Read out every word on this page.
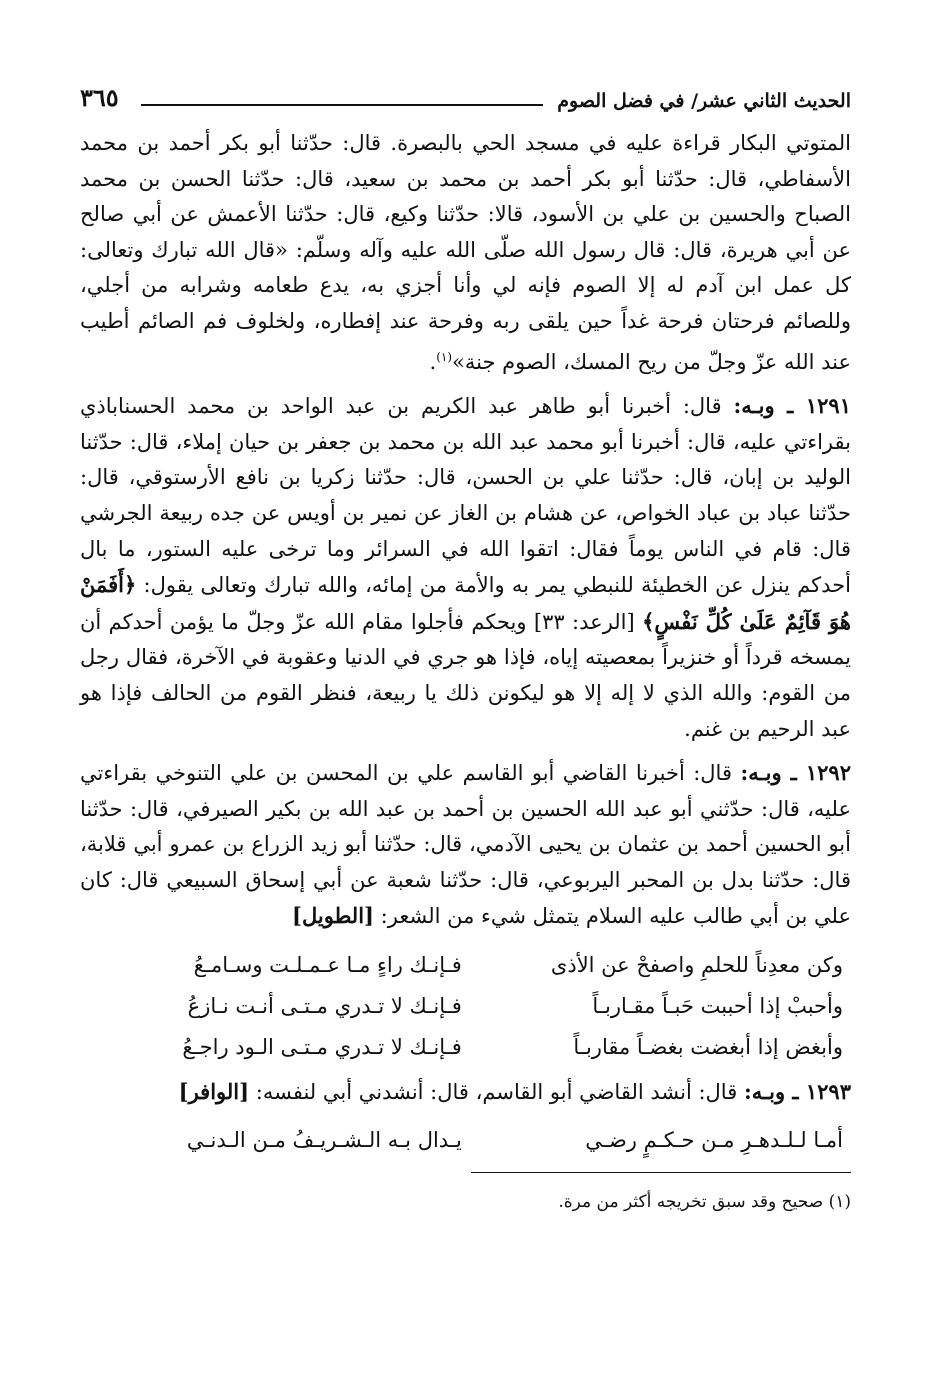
الحديث الثاني عشر/ في فضل الصوم
٣٦٥

المتوتي البكار قراءة عليه في مسجد الحي بالبصرة. قال: حدّثنا أبو بكر أحمد بن محمد الأسفاطي، قال: حدّثنا أبو بكر أحمد بن محمد بن سعيد، قال: حدّثنا الحسن بن محمد الصباح والحسين بن علي بن الأسود، قالا: حدّثنا وكيع، قال: حدّثنا الأعمش عن أبي صالح عن أبي هريرة، قال: قال رسول الله صلّى الله عليه وآله وسلّم: «قال الله تبارك وتعالى: كل عمل ابن آدم له إلا الصوم فإنه لي وأنا أجزي به، يدع طعامه وشرابه من أجلي، وللصائم فرحتان فرحة غداً حين يلقى ربه وفرحة عند إفطاره، ولخلوف فم الصائم أطيب عند الله عزّ وجلّ من ريح المسك، الصوم جنة»$^{(١)}$.

١٢٩١ ـ وبـه: قال: أخبرنا أبو طاهر عبد الكريم بن عبد الواحد بن محمد الحسناباذي بقراءتي عليه، قال: أخبرنا أبو محمد عبد الله بن محمد بن جعفر بن حيان إملاء، قال: حدّثنا الوليد بن إبان، قال: حدّثنا علي بن الحسن، قال: حدّثنا زكريا بن نافع الأرستوقي، قال: حدّثنا عباد بن عباد الخواص، عن هشام بن الغاز عن نمير بن أويس عن جده ربيعة الجرشي قال: قام في الناس يوماً فقال: اتقوا الله في السرائر وما ترخى عليه الستور، ما بال أحدكم ينزل عن الخطيئة للنبطي يمر به والأمة من إمائه، والله تبارك وتعالى يقول: ﴿أَفَمَنْ هُوَ قَآئِمٌ عَلَىٰ كُلِّ نَفْسٍ﴾ [الرعد: ٣٣] ويحكم فأجلوا مقام الله عزّ وجلّ ما يؤمن أحدكم أن يمسخه قرداً أو خنزيراً بمعصيته إياه، فإذا هو جري في الدنيا وعقوبة في الآخرة، فقال رجل من القوم: والله الذي لا إله إلا هو ليكونن ذلك يا ربيعة، فنظر القوم من الحالف فإذا هو عبد الرحيم بن غنم.

١٢٩٢ ـ وبـه: قال: أخبرنا القاضي أبو القاسم علي بن المحسن بن علي التنوخي بقراءتي عليه، قال: حدّثني أبو عبد الله الحسين بن أحمد بن عبد الله بن بكير الصيرفي، قال: حدّثنا أبو الحسين أحمد بن عثمان بن يحيى الآدمي، قال: حدّثنا أبو زيد الزراع بن عمرو أبي قلابة، قال: حدّثنا بدل بن المحبر اليربوعي، قال: حدّثنا شعبة عن أبي إسحاق السبيعي قال: كان علي بن أبي طالب عليه السلام يتمثل شيء من الشعر: [الطويل]

وكن معدِناً للحلمِ واصفحْ عن الأذى
فـإنـك راءٍ مـا عـمـلـت وسـامـعُ
وأحببْ إذا أحببت حَبـاً مقـاربـاً
فـإنـك لا تـدري مـتـى أنـت نـازعُ
وأبغض إذا أبغضت بغضـاً مقاربـاً
فـإنـك لا تـدري مـتـى الـود راجـعُ

١٢٩٣ ـ وبـه: قال: أنشد القاضي أبو القاسم، قال: أنشدني أبي لنفسه: [الوافر]

أمـا لـلـدهـرِ مـن حـكـمٍ رضـي
يـدال بـه الـشـريـفُ مـن الـدنـي
(١) صحيح وقد سبق تخريجه أكثر من مرة.
